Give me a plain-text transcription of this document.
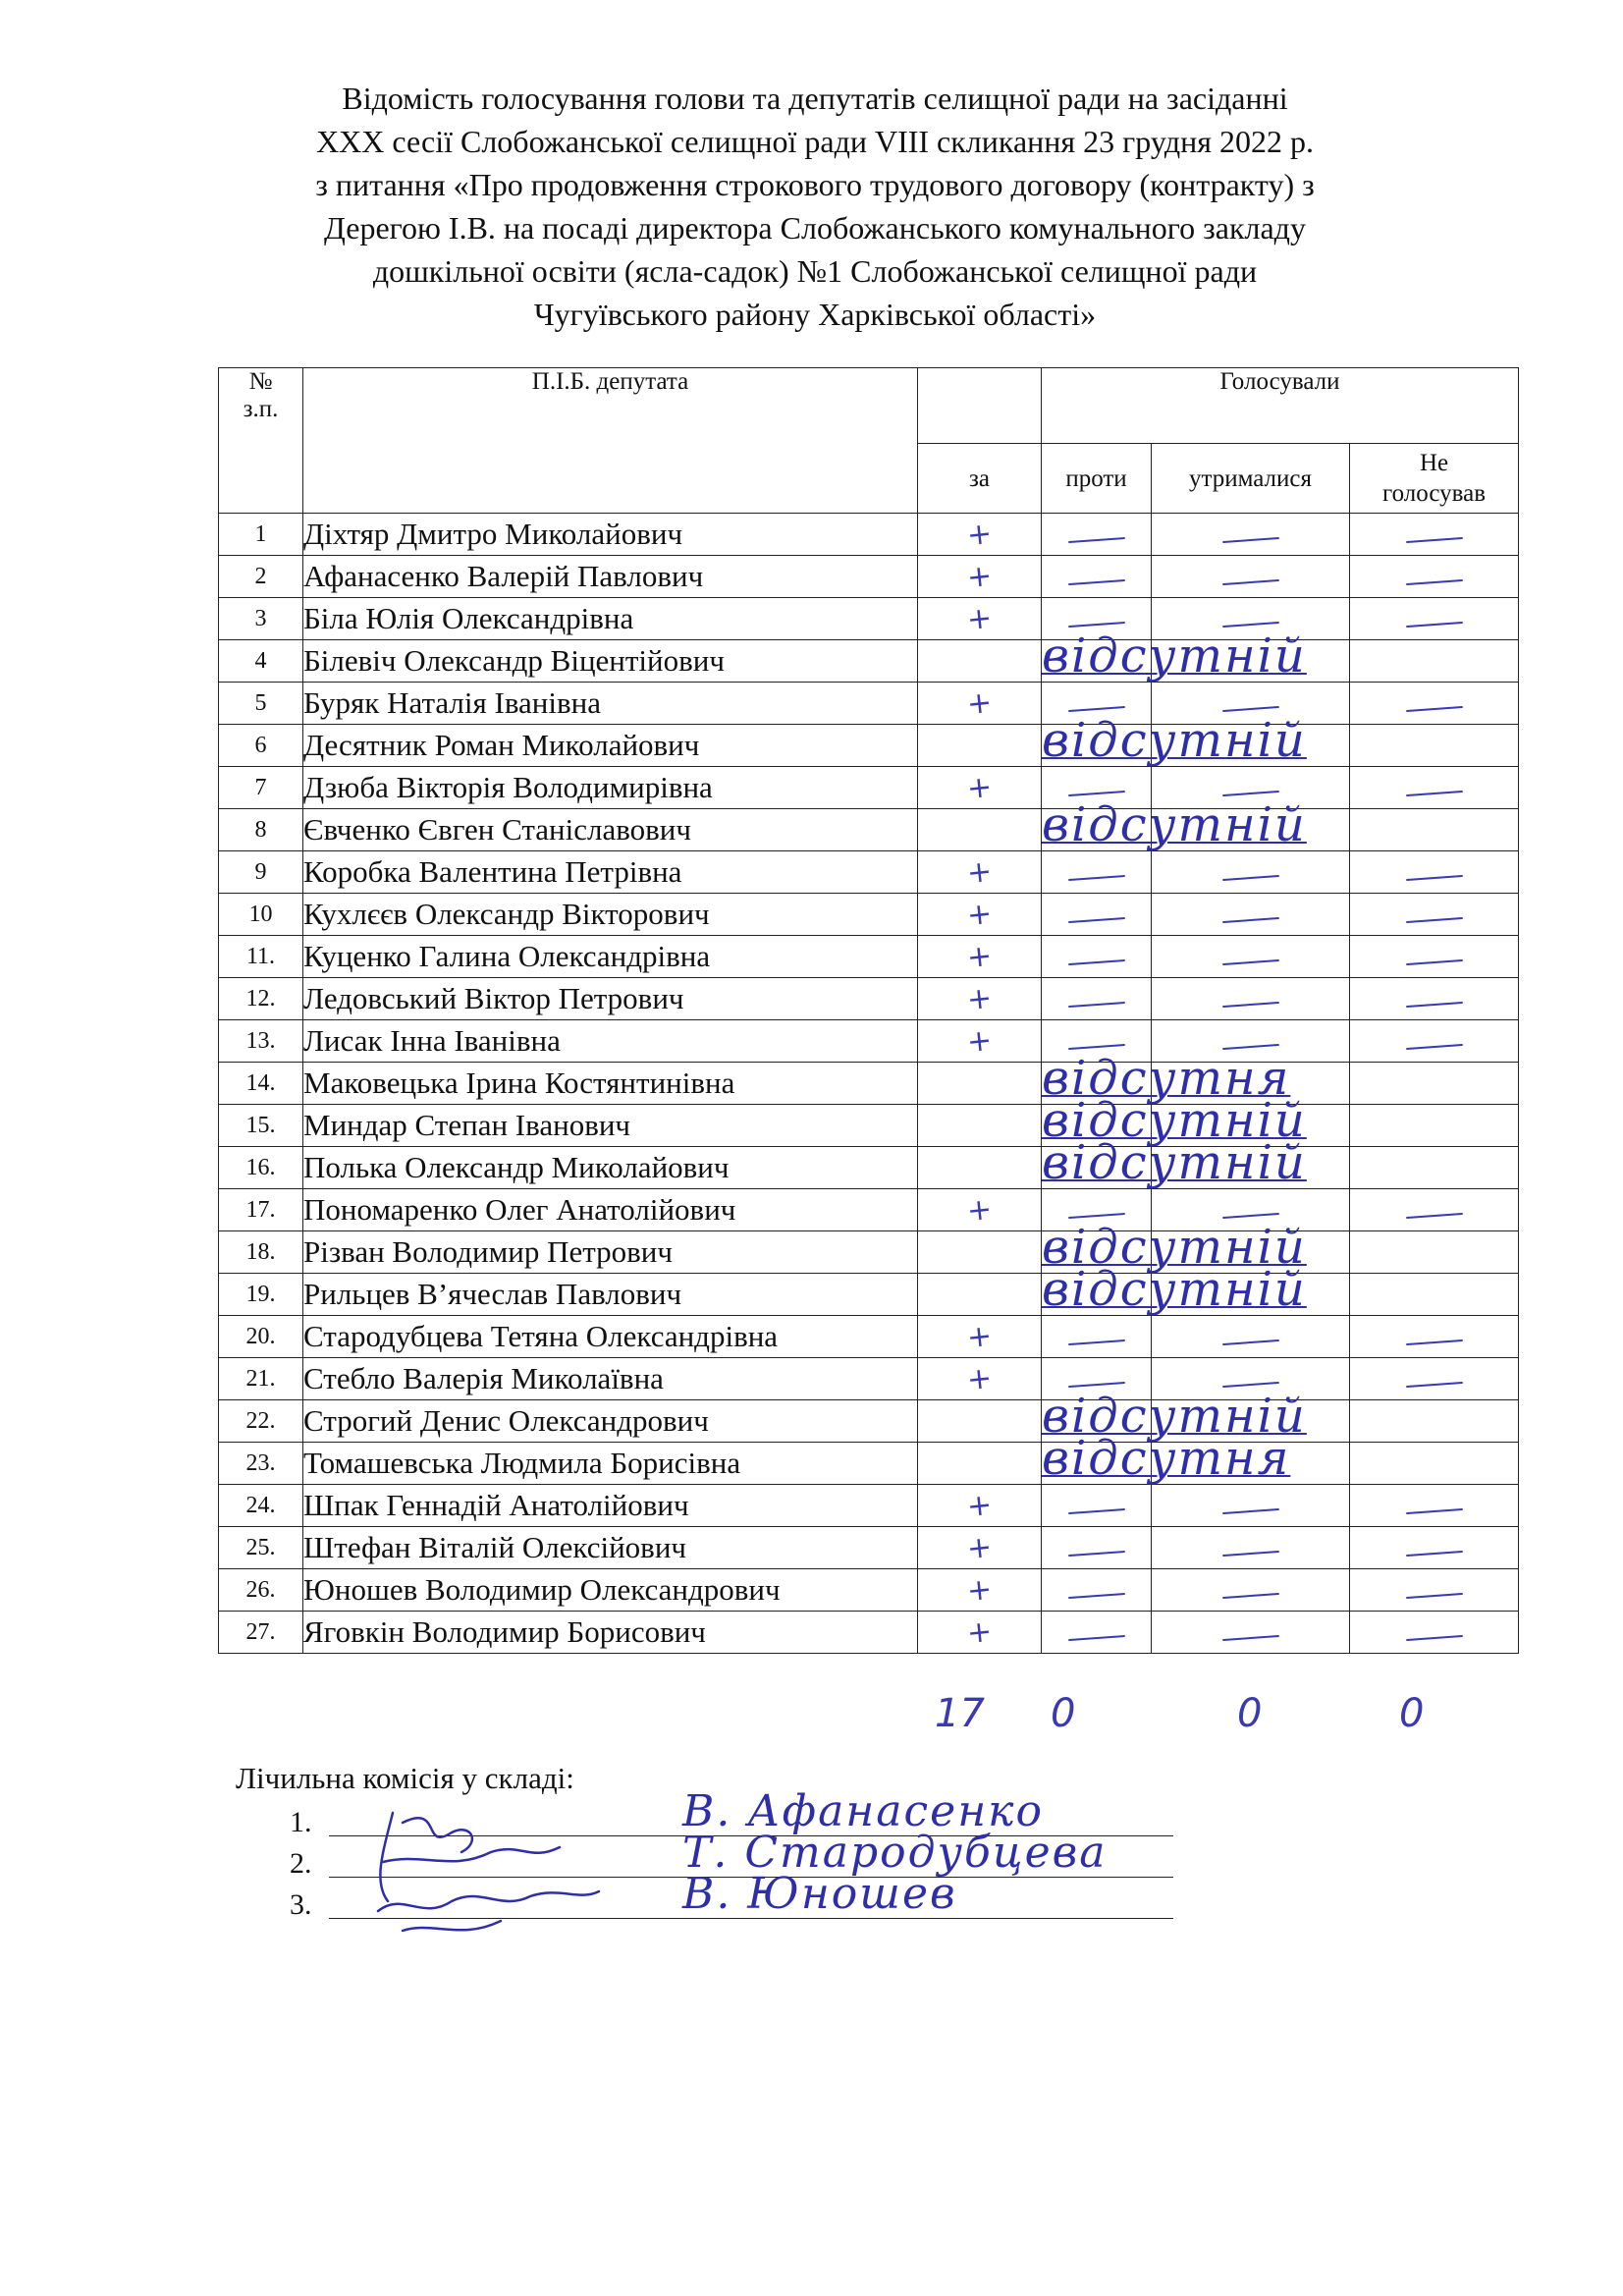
Відомість голосування голови та депутатів селищної ради на засіданні
XXX сесії Слобожанської селищної ради VIII скликання 23 грудня 2022 р.
з питання «Про продовження строкового трудового договору (контракту) з
Дерегою І.В. на посаді директора Слобожанського комунального закладу
дошкільної освіти (ясла-садок) №1 Слобожанської селищної ради
Чугуївського району Харківської області»
№
з.п.	П.І.Б. депутата		Голосували		
		за	проти	утрималися	Не
голосував

1	Діхтяр Дмитро Миколайович	+			
2	Афанасенко Валерій Павлович	+			
3	Біла Юлія Олександрівна	+			
4	Білевіч Олександр Віцентійович		відсутній		

5	Буряк Наталія Іванівна	+			
6	Десятник Роман Миколайович		відсутній		

7	Дзюба Вікторія Володимирівна	+			
8	Євченко Євген Станіславович		відсутній		

9	Коробка Валентина Петрівна	+			
10	Кухлєєв Олександр Вікторович	+			
11.	Куценко Галина Олександрівна	+			
12.	Ледовський Віктор Петрович	+			
13.	Лисак Інна Іванівна	+			
14.	Маковецька Ірина Костянтинівна		відсутня		

15.	Миндар Степан Іванович		відсутній		

16.	Полька Олександр Миколайович		відсутній		

17.	Пономаренко Олег Анатолійович	+			
18.	Різван Володимир Петрович		відсутній		

19.	Рильцев В’ячеслав Павлович		відсутній		

20.	Стародубцева Тетяна Олександрівна	+			
21.	Стебло Валерія Миколаївна	+			
22.	Строгий Денис Олександрович		відсутній		

23.	Томашевська Людмила Борисівна		відсутня		

24.	Шпак Геннадій Анатолійович	+			
25.	Штефан Віталій Олексійович	+			
26.	Юношев Володимир Олександрович	+			
27.	Яговкін Володимир Борисович	+			
17 0	0	0
Лічильна комісія у складі:
1.	В. Афанасенко
2.	Т. Стародубцева
3.	В. Юношев
